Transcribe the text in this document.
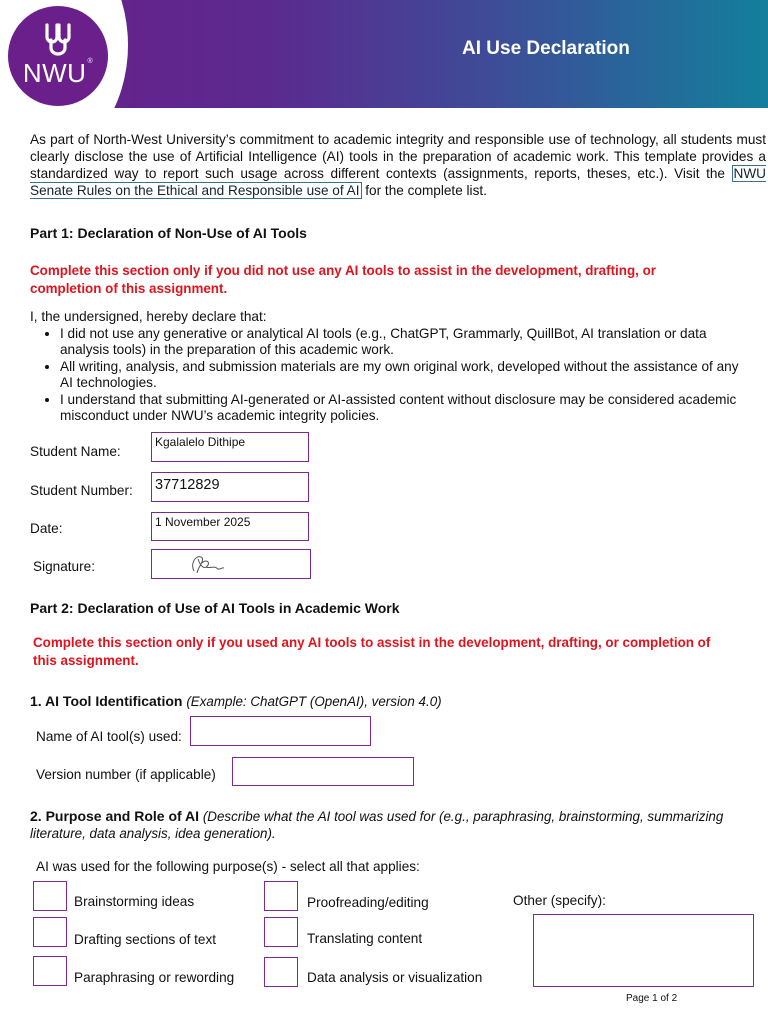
NWU®
AI Use Declaration
As part of North-West University’s commitment to academic integrity and responsible use of technology, all students must clearly disclose the use of Artificial Intelligence (AI) tools in the preparation of academic work. This template provides a standardized way to report such usage across different contexts (assignments, reports, theses, etc.). Visit the NWU Senate Rules on the Ethical and Responsible use of AI for the complete list.
Part 1: Declaration of Non-Use of AI Tools
Complete this section only if you did not use any AI tools to assist in the development, drafting, or completion of this assignment.
I, the undersigned, hereby declare that:
• I did not use any generative or analytical AI tools (e.g., ChatGPT, Grammarly, QuillBot, AI translation or data analysis tools) in the preparation of this academic work.
• All writing, analysis, and submission materials are my own original work, developed without the assistance of any AI technologies.
• I understand that submitting AI-generated or AI-assisted content without disclosure may be considered academic misconduct under NWU’s academic integrity policies.
Student Name:
Kgalalelo Dithipe
Student Number: 37712829
Date:	1 November 2025
Signature:
Part 2: Declaration of Use of AI Tools in Academic Work
Complete this section only if you used any AI tools to assist in the development, drafting, or completion of this assignment.
1. AI Tool Identification (Example: ChatGPT (OpenAI), version 4.0)
Name of AI tool(s) used:
Version number (if applicable)
2. Purpose and Role of AI (Describe what the AI tool was used for (e.g., paraphrasing, brainstorming, summarizing literature, data analysis, idea generation).
AI was used for the following purpose(s) - select all that applies:
Brainstorming ideas
Drafting sections of text
Paraphrasing or rewording
Proofreading/editing
Translating content
Data analysis or visualization
Other (specify):
Page 1 of 2
